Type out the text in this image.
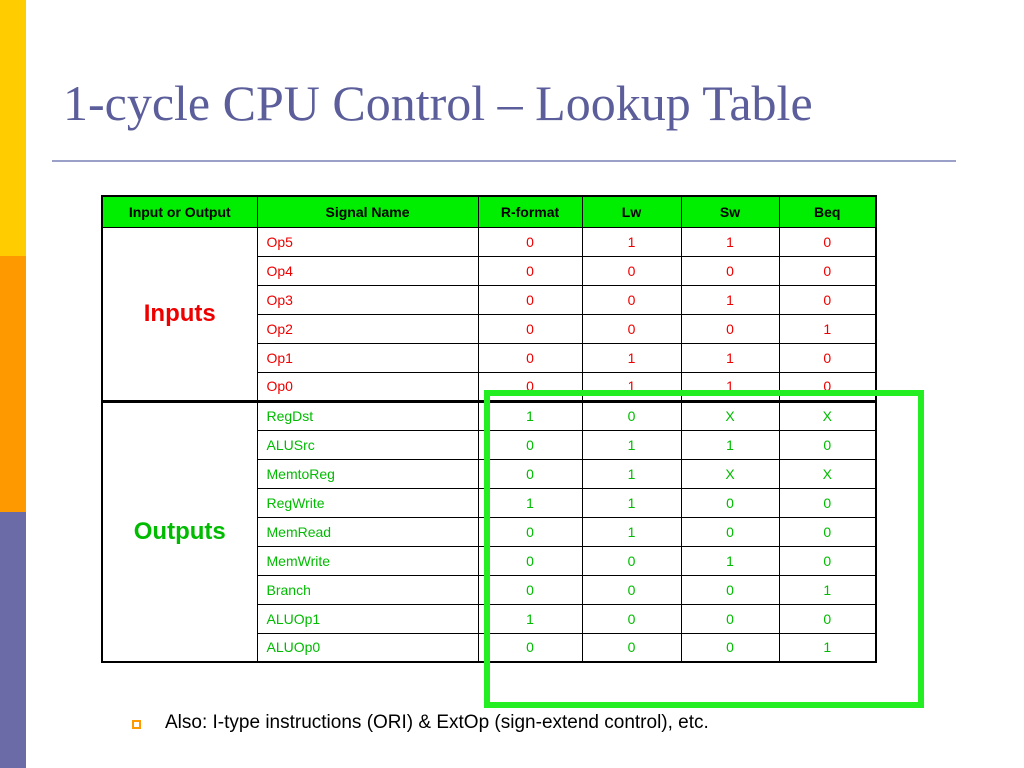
1-cycle CPU Control – Lookup Table
Input or Output	Signal Name	R-format	Lw	Sw	Beq
Inputs	Op5	0	1	1	0
	Op4	0	0	0	0
	Op3	0	0	1	0
	Op2	0	0	0	1
	Op1	0	1	1	0
	Op0	0	1	1	0
Outputs	RegDst	1	0	X	X
	ALUSrc	0	1	1	0
	MemtoReg	0	1	X	X
	RegWrite	1	1	0	0
	MemRead	0	1	0	0
	MemWrite	0	0	1	0
	Branch	0	0	0	1
	ALUOp1	1	0	0	0
	ALUOp0	0	0	0	1
Also: I-type instructions (ORI) & ExtOp (sign-extend control), etc.
